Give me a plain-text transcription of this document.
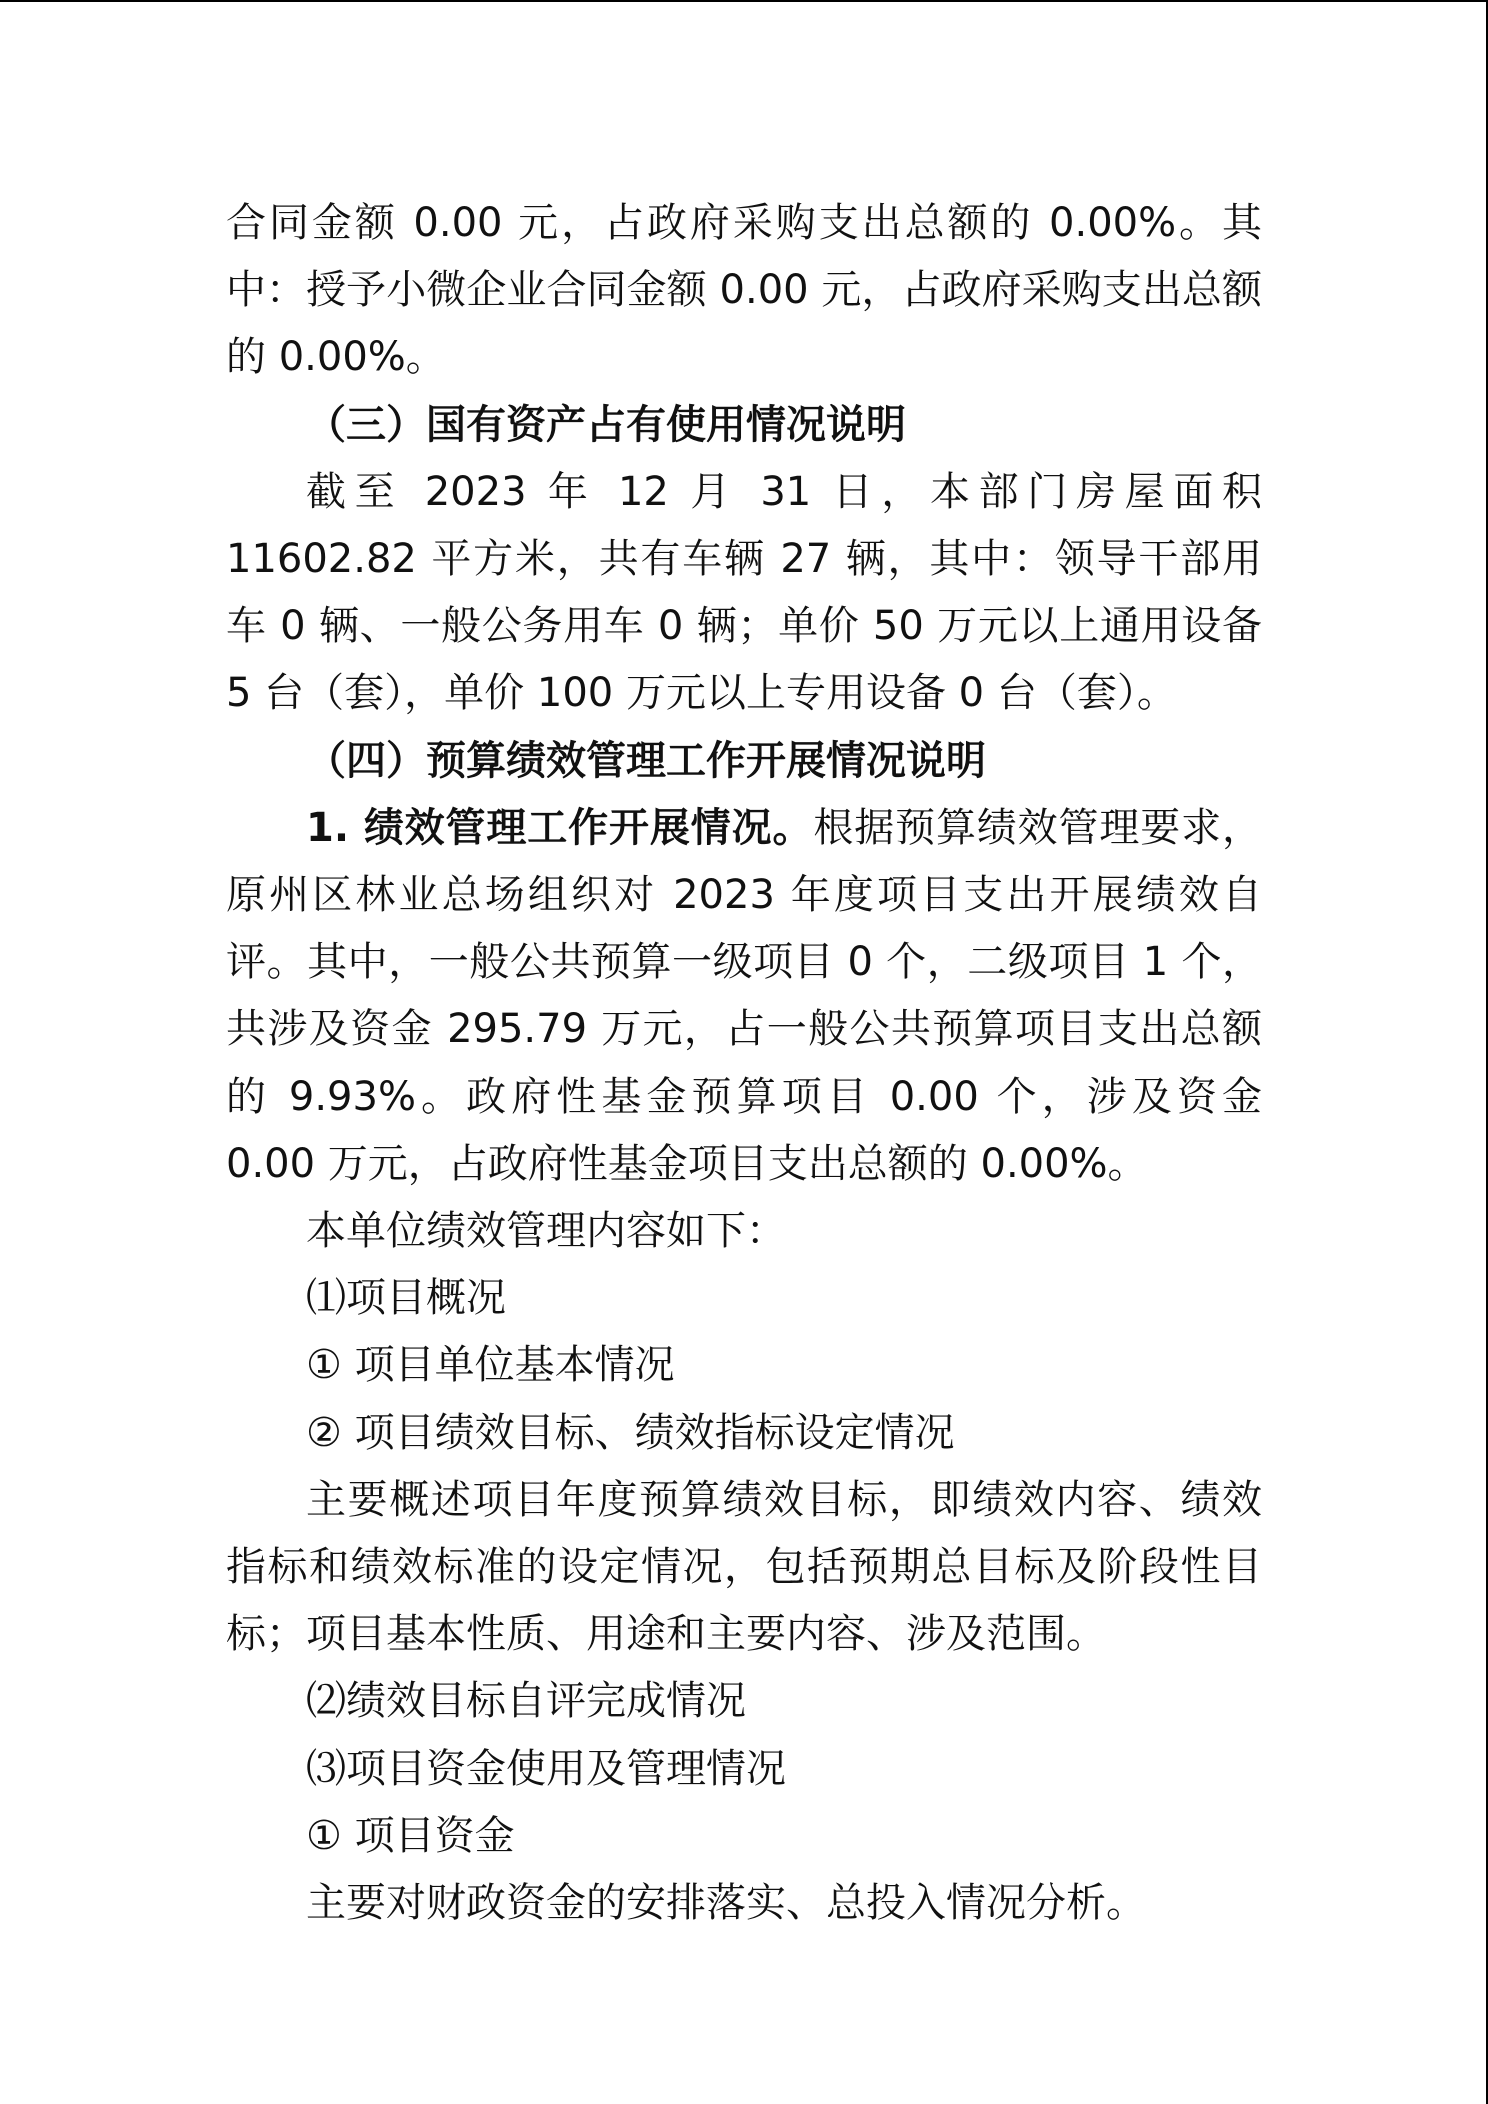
合同金额 0.00 元，占政府采购支出总额的 0.00%。其中：授予小微企业合同金额 0.00 元，占政府采购支出总额的 0.00%。

（三）国有资产占有使用情况说明

截至 2023 年 12 月 31 日，本部门房屋面积 11602.82 平方米，共有车辆 27 辆，其中：领导干部用车 0 辆、一般公务用车 0 辆；单价 50 万元以上通用设备 5 台（套），单价 100 万元以上专用设备 0 台（套）。

（四）预算绩效管理工作开展情况说明

1. 绩效管理工作开展情况。根据预算绩效管理要求，原州区林业总场组织对 2023 年度项目支出开展绩效自评。其中，一般公共预算一级项目 0 个，二级项目 1 个，共涉及资金 295.79 万元，占一般公共预算项目支出总额的 9.93%。政府性基金预算项目 0.00 个，涉及资金 0.00 万元，占政府性基金项目支出总额的 0.00%。

本单位绩效管理内容如下：

⑴项目概况

① 项目单位基本情况

② 项目绩效目标、绩效指标设定情况

主要概述项目年度预算绩效目标，即绩效内容、绩效指标和绩效标准的设定情况，包括预期总目标及阶段性目标；项目基本性质、用途和主要内容、涉及范围。

⑵绩效目标自评完成情况

⑶项目资金使用及管理情况

① 项目资金

主要对财政资金的安排落实、总投入情况分析。
